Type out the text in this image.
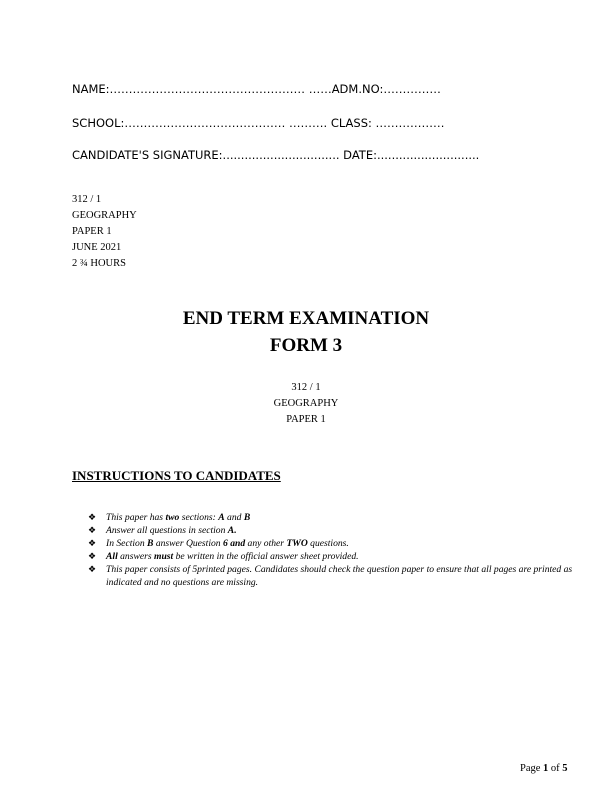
NAME:…………………………………………… ……ADM.NO:……………
SCHOOL:…………………………………… ………. CLASS: ………………
CANDIDATE'S SIGNATURE:................................ DATE:............................
312 / 1
GEOGRAPHY
PAPER 1
JUNE 2021
2 ¾ HOURS
END TERM EXAMINATION
FORM 3
312 / 1
GEOGRAPHY
PAPER 1
INSTRUCTIONS TO CANDIDATES
❖ This paper has two sections: A and B
❖ Answer all questions in section A.
❖ In Section B answer Question 6 and any other TWO questions.
❖ All answers must be written in the official answer sheet provided.
❖ This paper consists of 5printed pages. Candidates should check the question paper to ensure that all pages are printed as indicated and no questions are missing.
Page 1 of 5
